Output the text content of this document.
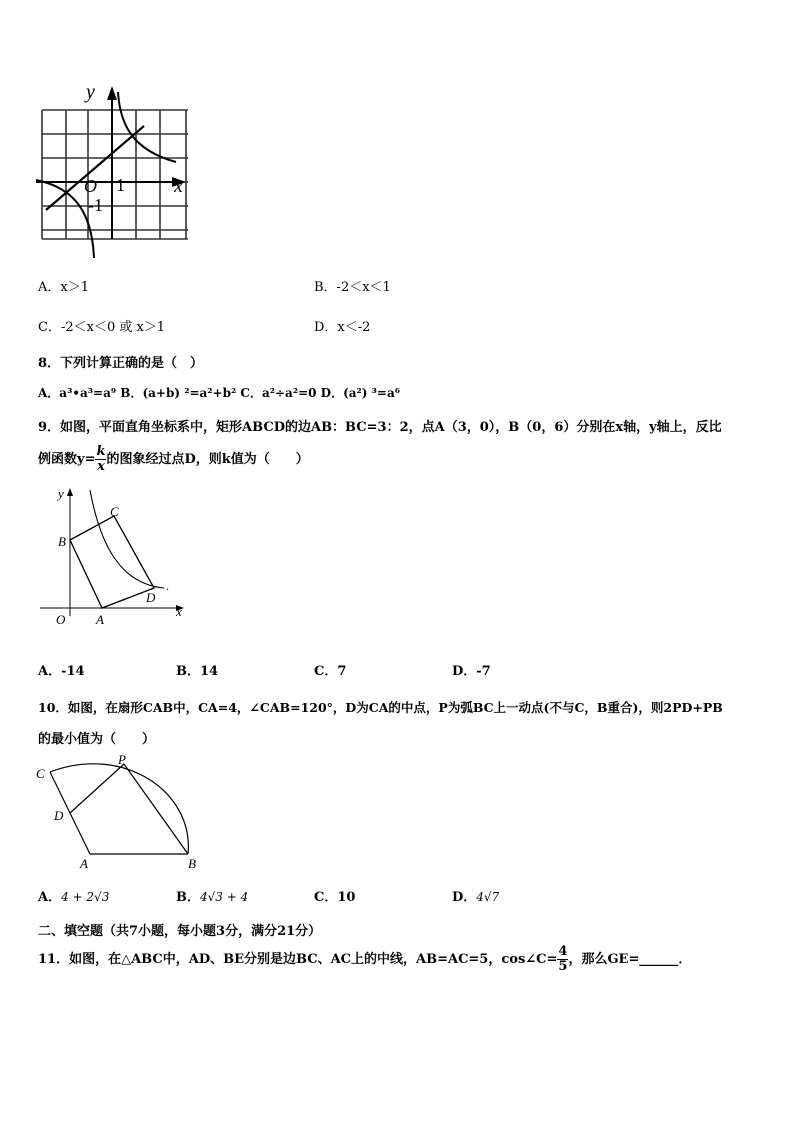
y
x
O 1
-1
A．x＞1	B．-2＜x＜1
C．-2＜x＜0 或 x＞1	D．x＜-2
8．下列计算正确的是（　）
A．a³•a³=a⁹ B．(a+b) ²=a²+b² C．a²÷a²=0 D．(a²) ³=a⁶
9．如图，平面直角坐标系中，矩形ABCD的边AB：BC=3：2，点A（3，0），B（0，6）分别在x轴，y轴上，反比
例函数$y= \frac{k}{x}$ 的图象经过点D，则k值为（　　）
.
y
x
O A
B
C
D
A．-14	B．14	C．7	D．-7
10．如图，在扇形CAB中，CA=4，∠CAB=120°，D为CA的中点，P为弧BC上一动点(不与C，B重合)，则2PD+PB
的最小值为（　　）
C
P
D
A	B
A．4 + 2√3	B．4√3 + 4	C．10	D．4√7
二、填空题（共7小题，每小题3分，满分21分）
11．如图，在△ABC中，AD、BE分别是边BC、AC上的中线，AB=AC=5，cos∠C= $\frac{4}{5}$ ，那么GE=______．
